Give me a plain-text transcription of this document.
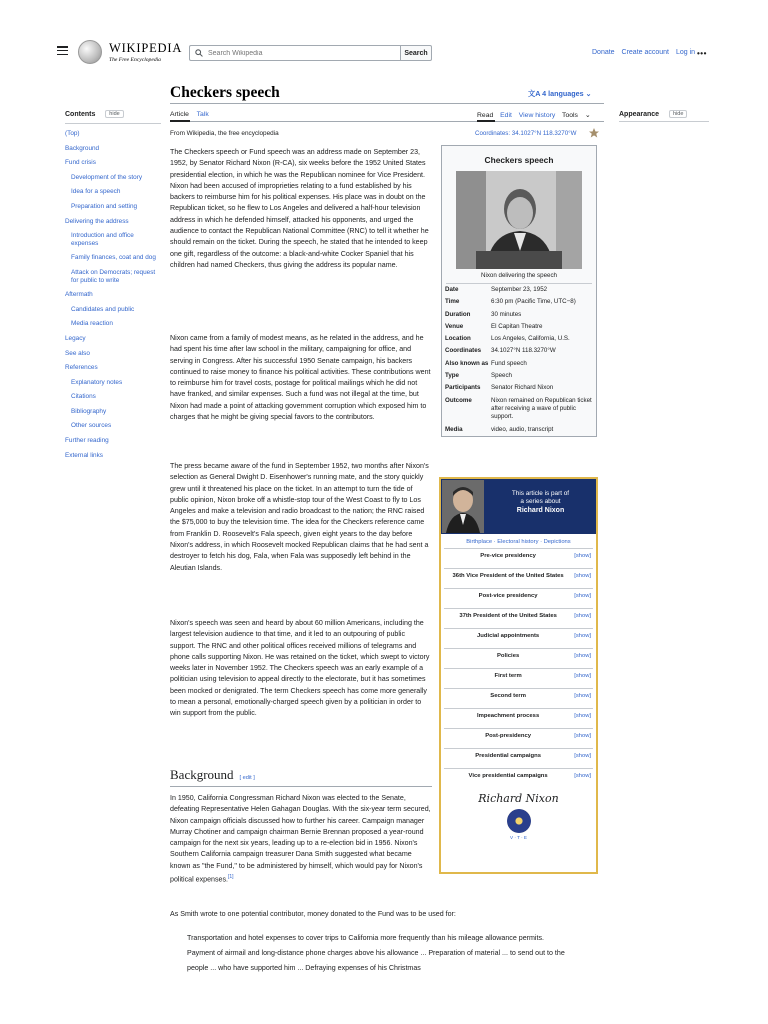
WIKIPEDIA
The Free Encyclopedia
Search Wikipedia
Search	Donate Create account Log in •••
Checkers speech	文A 4 languages ⌄
Article Talk	Read Edit View history Tools ⌄
From Wikipedia, the free encyclopedia	Coordinates: 34.1027°N 118.3270°W
Contents	hide
(Top)
Background
Fund crisis
Development of the story
Idea for a speech
Preparation and setting
Delivering the address
Introduction and office expenses
Family finances, coat and dog
Attack on Democrats; request for public to write
Aftermath
Candidates and public
Media reaction
Legacy
See also
References
Explanatory notes
Citations
Bibliography
Other sources
Further reading
External links
Appearance	hide
The Checkers speech or Fund speech was an address made on September 23, 1952, by Senator Richard Nixon (R-CA), six weeks before the 1952 United States presidential election, in which he was the Republican nominee for Vice President. Nixon had been accused of improprieties relating to a fund established by his backers to reimburse him for his political expenses. His place was in doubt on the Republican ticket, so he flew to Los Angeles and delivered a half-hour television address in which he defended himself, attacked his opponents, and urged the audience to contact the Republican National Committee (RNC) to tell it whether he should remain on the ticket. During the speech, he stated that he intended to keep one gift, regardless of the outcome: a black-and-white Cocker Spaniel that his children had named Checkers, thus giving the address its popular name.
Nixon came from a family of modest means, as he related in the address, and he had spent his time after law school in the military, campaigning for office, and serving in Congress. After his successful 1950 Senate campaign, his backers continued to raise money to finance his political activities. These contributions went to reimburse him for travel costs, postage for political mailings which he did not have franked, and similar expenses. Such a fund was not illegal at the time, but Nixon had made a point of attacking government corruption which exposed him to charges that he might be giving special favors to the contributors.
The press became aware of the fund in September 1952, two months after Nixon's selection as General Dwight D. Eisenhower's running mate, and the story quickly grew until it threatened his place on the ticket. In an attempt to turn the tide of public opinion, Nixon broke off a whistle-stop tour of the West Coast to fly to Los Angeles and make a television and radio broadcast to the nation; the RNC raised the $75,000 to buy the television time. The idea for the Checkers reference came from Franklin D. Roosevelt's Fala speech, given eight years to the day before Nixon's address, in which Roosevelt mocked Republican claims that he had sent a destroyer to fetch his dog, Fala, when Fala was supposedly left behind in the Aleutian Islands.
Nixon's speech was seen and heard by about 60 million Americans, including the largest television audience to that time, and it led to an outpouring of public support. The RNC and other political offices received millions of telegrams and phone calls supporting Nixon. He was retained on the ticket, which swept to victory weeks later in November 1952. The Checkers speech was an early example of a politician using television to appeal directly to the electorate, but it has sometimes been mocked or denigrated. The term Checkers speech has come more generally to mean a personal, emotionally-charged speech given by a politician in order to win support from the public.
Background [ edit ]
In 1950, California Congressman Richard Nixon was elected to the Senate, defeating Representative Helen Gahagan Douglas. With the six-year term secured, Nixon campaign officials discussed how to further his career. Campaign manager Murray Chotiner and campaign chairman Bernie Brennan proposed a year-round campaign for the next six years, leading up to a re-election bid in 1956. Nixon's Southern California campaign treasurer Dana Smith suggested what became known as "the Fund," to be administered by himself, which would pay for Nixon's political expenses.[1]
As Smith wrote to one potential contributor, money donated to the Fund was to be used for:
Transportation and hotel expenses to cover trips to California more frequently than his mileage allowance permits. Payment of airmail and long-distance phone charges above his allowance ... Preparation of material ... to send out to the people ... who have supported him ... Defraying expenses of his Christmas
Checkers speech
Nixon delivering the speech
Date	September 23, 1952
Time	6:30 pm (Pacific Time, UTC−8)
Duration	30 minutes
Venue	El Capitan Theatre
Location	Los Angeles, California, U.S.
Coordinates	34.1027°N 118.3270°W
Also known as Fund speech
Type	Speech
Participants	Senator Richard Nixon
Outcome	Nixon remained on Republican ticket after receiving a wave of public support.
Media	video, audio, transcript
This article is part of
a series about
Richard Nixon
Birthplace · Electoral history · Depictions
Pre-vice presidency	[show]
36th Vice President of the United States	[show]
Post-vice presidency	[show]
37th President of the United States	[show]
Judicial appointments	[show]
Policies	[show]
First term	[show]
Second term	[show]
Impeachment process	[show]
Post-presidency	[show]
Presidential campaigns	[show]
Vice presidential campaigns	[show]
Richard Nixon
V · T · E
